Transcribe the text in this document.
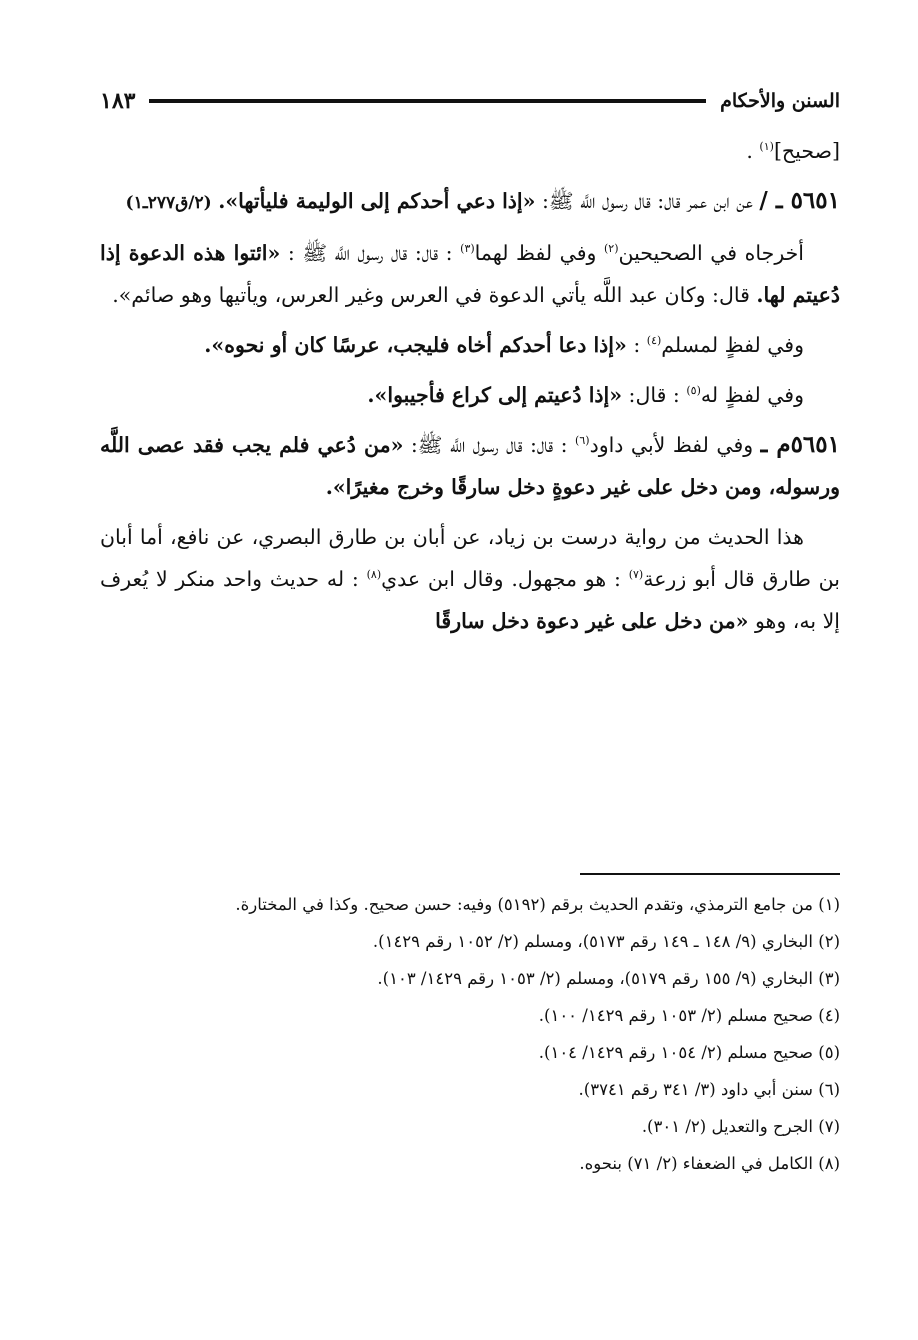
السنن والأحكام
١٨٣

[صحيح]$^{(١)}$ .

٥٦٥١ ـ / عن ابن عمر قال: قال رسول اللَّه ﷺ: «إذا دعي أحدكم إلى الوليمة فليأتها». (٢/ق٢٧٧ـ١)

أخرجاه في الصحيحين$^{(٢)}$ وفي لفظ لهما$^{(٣)}$ : قال: قال رسول اللَّه ﷺ : «ائتوا هذه الدعوة إذا دُعيتم لها. قال: وكان عبد اللَّه يأتي الدعوة في العرس وغير العرس، ويأتيها وهو صائم».

وفي لفظٍ لمسلم$^{(٤)}$ : «إذا دعا أحدكم أخاه فليجب، عرسًا كان أو نحوه».

وفي لفظٍ له$^{(٥)}$ : قال: «إذا دُعيتم إلى كراع فأجيبوا».

٥٦٥١م ـ وفي لفظ لأبي داود$^{(٦)}$ : قال: قال رسول اللَّه ﷺ: «من دُعي فلم يجب فقد عصى اللَّه ورسوله، ومن دخل على غير دعوةٍ دخل سارقًا وخرج مغيرًا».

هذا الحديث من رواية درست بن زياد، عن أبان بن طارق البصري، عن نافع، أما أبان بن طارق قال أبو زرعة$^{(٧)}$ : هو مجهول. وقال ابن عدي$^{(٨)}$ : له حديث واحد منكر لا يُعرف إلا به، وهو «من دخل على غير دعوة دخل سارقًا

(١) من جامع الترمذي، وتقدم الحديث برقم (٥١٩٢) وفيه: حسن صحيح. وكذا في المختارة.

(٢) البخاري (٩/ ١٤٨ ـ ١٤٩ رقم ٥١٧٣)، ومسلم (٢/ ١٠٥٢ رقم ١٤٢٩).

(٣) البخاري (٩/ ١٥٥ رقم ٥١٧٩)، ومسلم (٢/ ١٠٥٣ رقم ١٤٢٩/ ١٠٣).

(٤) صحيح مسلم (٢/ ١٠٥٣ رقم ١٤٢٩/ ١٠٠).

(٥) صحيح مسلم (٢/ ١٠٥٤ رقم ١٤٢٩/ ١٠٤).

(٦) سنن أبي داود (٣/ ٣٤١ رقم ٣٧٤١).

(٧) الجرح والتعديل (٢/ ٣٠١).

(٨) الكامل في الضعفاء (٢/ ٧١) بنحوه.
